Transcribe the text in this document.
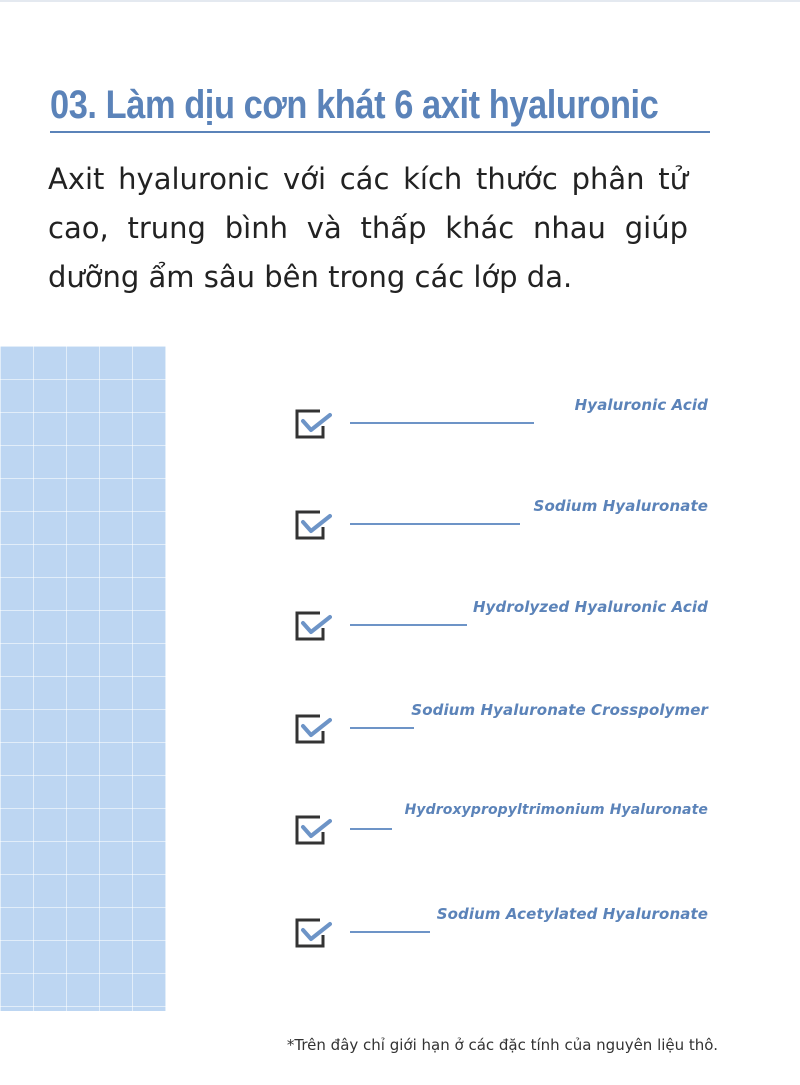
03. Làm dịu cơn khát 6 axit hyaluronic

Axit hyaluronic với các kích thước phân tử cao, trung bình và thấp khác nhau giúp dưỡng ẩm sâu bên trong các lớp da.

Hyaluronic Acid
Sodium Hyaluronate
Hydrolyzed Hyaluronic Acid
Sodium Hyaluronate Crosspolymer
Hydroxypropyltrimonium Hyaluronate
Sodium Acetylated Hyaluronate
*Trên đây chỉ giới hạn ở các đặc tính của nguyên liệu thô.
